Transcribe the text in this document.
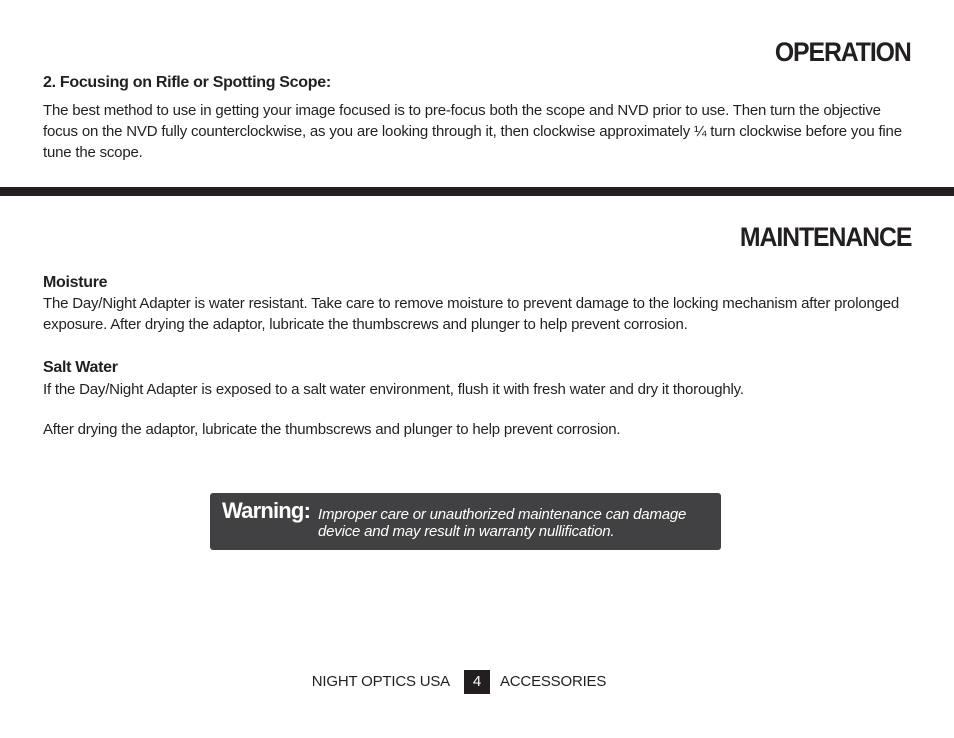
OPERATION
2. Focusing on Rifle or Spotting Scope:

The best method to use in getting your image focused is to pre-focus both the scope and NVD prior to use. Then turn the objective focus on the NVD fully counterclockwise, as you are looking through it, then clockwise approximately ¼ turn clockwise before you fine tune the scope.

MAINTENANCE
Moisture

The Day/Night Adapter is water resistant. Take care to remove moisture to prevent damage to the locking mechanism after prolonged exposure. After drying the adaptor, lubricate the thumbscrews and plunger to help prevent corrosion.

Salt Water

If the Day/Night Adapter is exposed to a salt water environment, flush it with fresh water and dry it thoroughly.

After drying the adaptor, lubricate the thumbscrews and plunger to help prevent corrosion.

Warning: Improper care or unauthorized maintenance can damage device and may result in warranty nullification.
NIGHT OPTICS USA	4	ACCESSORIES
